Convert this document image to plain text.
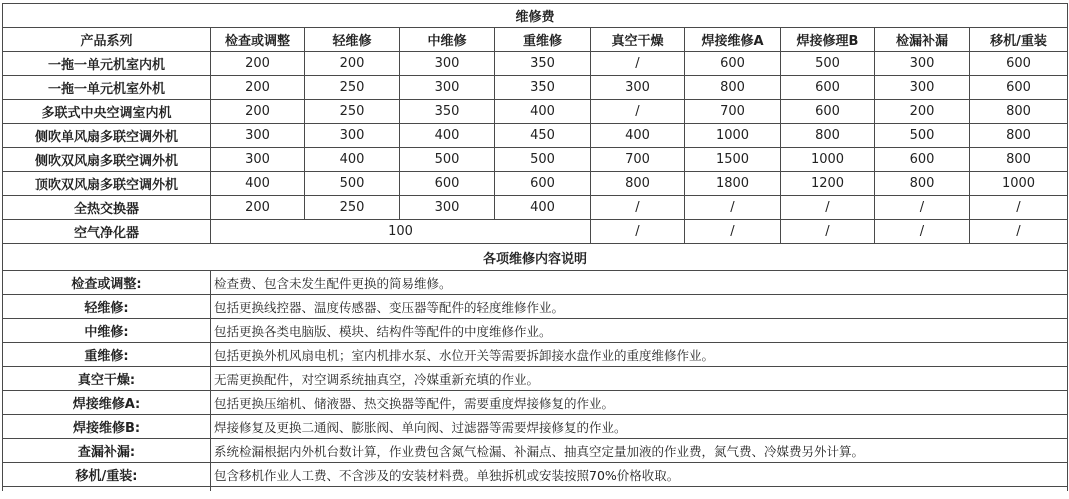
维修费									
产品系列	检查或调整	轻维修	中维修	重维修	真空干燥	焊接维修A	焊接修理B	检漏补漏	移机/重装
一拖一单元机室内机	200	200	300	350	/	600	500	300	600
一拖一单元机室外机	200	250	300	350	300	800	600	300	600
多联式中央空调室内机	200	250	350	400	/	700	600	200	800
侧吹单风扇多联空调外机	300	300	400	450	400	1000	800	500	800
侧吹双风扇多联空调外机	300	400	500	500	700	1500	1000	600	800
顶吹双风扇多联空调外机	400	500	600	600	800	1800	1200	800	1000
全热交换器	200	250	300	400	/	/	/	/	/
空气净化器	100				/	/	/	/	/
各项维修内容说明									
检查或调整:	检查费、包含未发生配件更换的简易维修。								
轻维修:	包括更换线控器、温度传感器、变压器等配件的轻度维修作业。								
中维修:	包括更换各类电脑版、模块、结构件等配件的中度维修作业。								
重维修:	包括更换外机风扇电机；室内机排水泵、水位开关等需要拆卸接水盘作业的重度维修作业。								
真空干燥:	无需更换配件，对空调系统抽真空，冷媒重新充填的作业。								
焊接维修A:	包括更换压缩机、储液器、热交换器等配件，需要重度焊接修复的作业。								
焊接维修B:	焊接修复及更换二通阀、膨胀阀、单向阀、过滤器等需要焊接修复的作业。								
查漏补漏:	系统检漏根据内外机台数计算，作业费包含氮气检漏、补漏点、抽真空定量加液的作业费，氮气费、冷媒费另外计算。								
移机/重装:	包含移机作业人工费、不含涉及的安装材料费。单独拆机或安装按照70%价格收取。								
